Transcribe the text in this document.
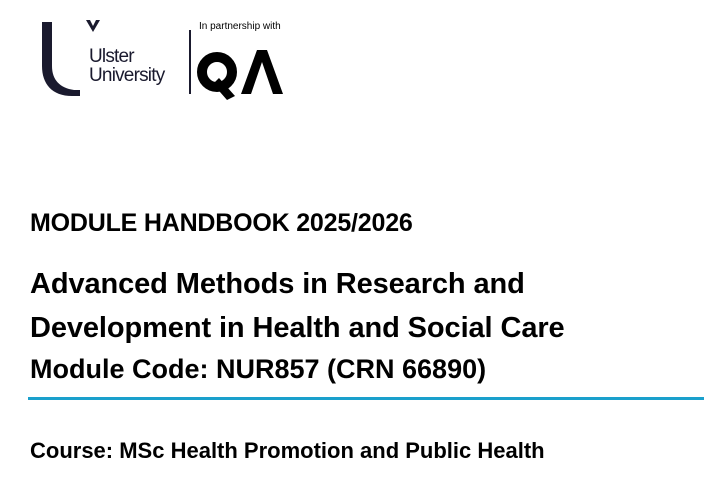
Ulster
University
In partnership with
MODULE HANDBOOK 2025/2026
Advanced Methods in Research and
Development in Health and Social Care
Module Code: NUR857 (CRN 66890)
Course: MSc Health Promotion and Public Health
